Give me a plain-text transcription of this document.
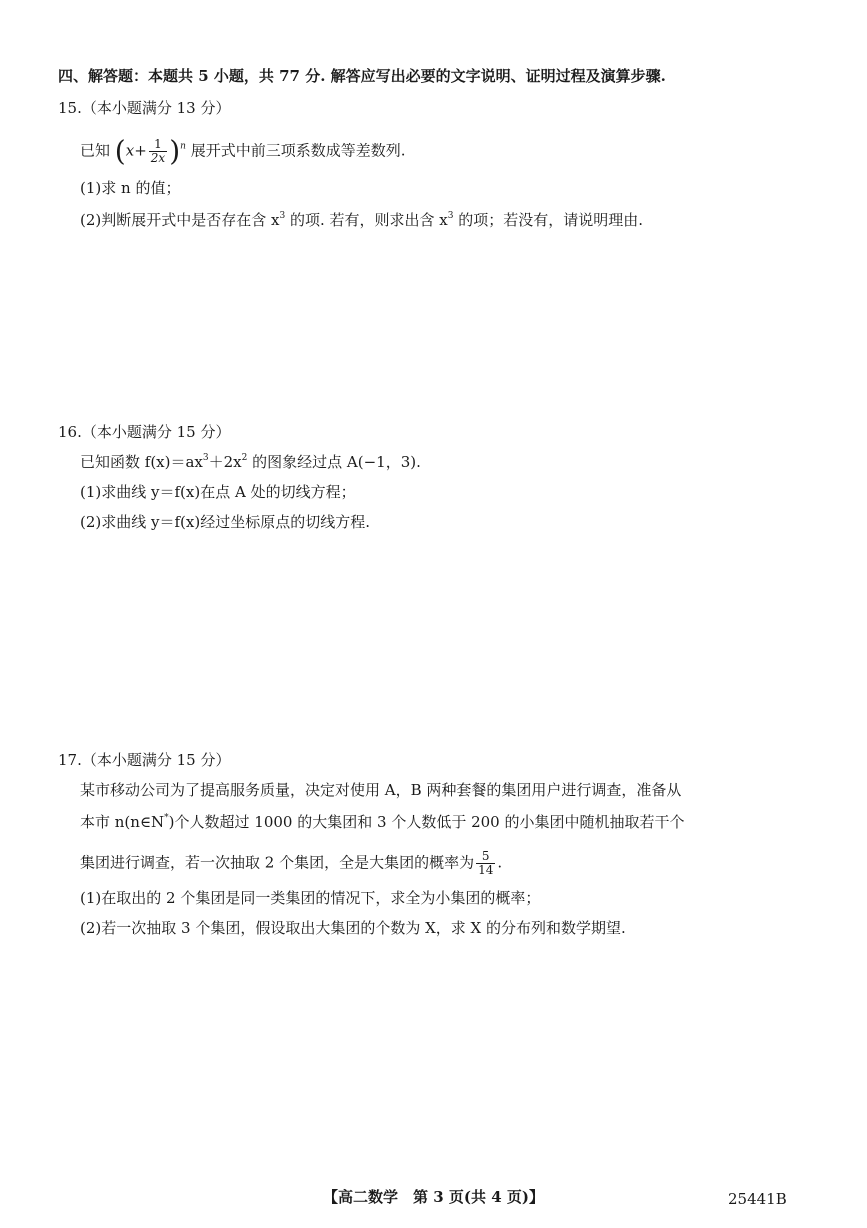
四、解答题：本题共 5 小题，共 77 分. 解答应写出必要的文字说明、证明过程及演算步骤.
15.（本小题满分 13 分）
已知 $(x+ \frac{1}{2x} )^n$ 展开式中前三项系数成等差数列.
(1)求 n 的值；
(2)判断展开式中是否存在含 $x^3$ 的项. 若有，则求出含 $x^3$ 的项；若没有，请说明理由.
16.（本小题满分 15 分）
已知函数 $f(x)=ax^3+2x^2$ 的图象经过点 A(−1，3).
(1)求曲线 y＝f(x)在点 A 处的切线方程；
(2)求曲线 y＝f(x)经过坐标原点的切线方程.
17.（本小题满分 15 分）
某市移动公司为了提高服务质量，决定对使用 A，B 两种套餐的集团用户进行调查，准备从
本市 n(n∈N*)个人数超过 1000 的大集团和 3 个人数低于 200 的小集团中随机抽取若干个
集团进行调查，若一次抽取 2 个集团，全是大集团的概率为 $\frac{5}{14}$ .
(1)在取出的 2 个集团是同一类集团的情况下，求全为小集团的概率；
(2)若一次抽取 3 个集团，假设取出大集团的个数为 X，求 X 的分布列和数学期望.
【高二数学　第 3 页(共 4 页)】	25441B
